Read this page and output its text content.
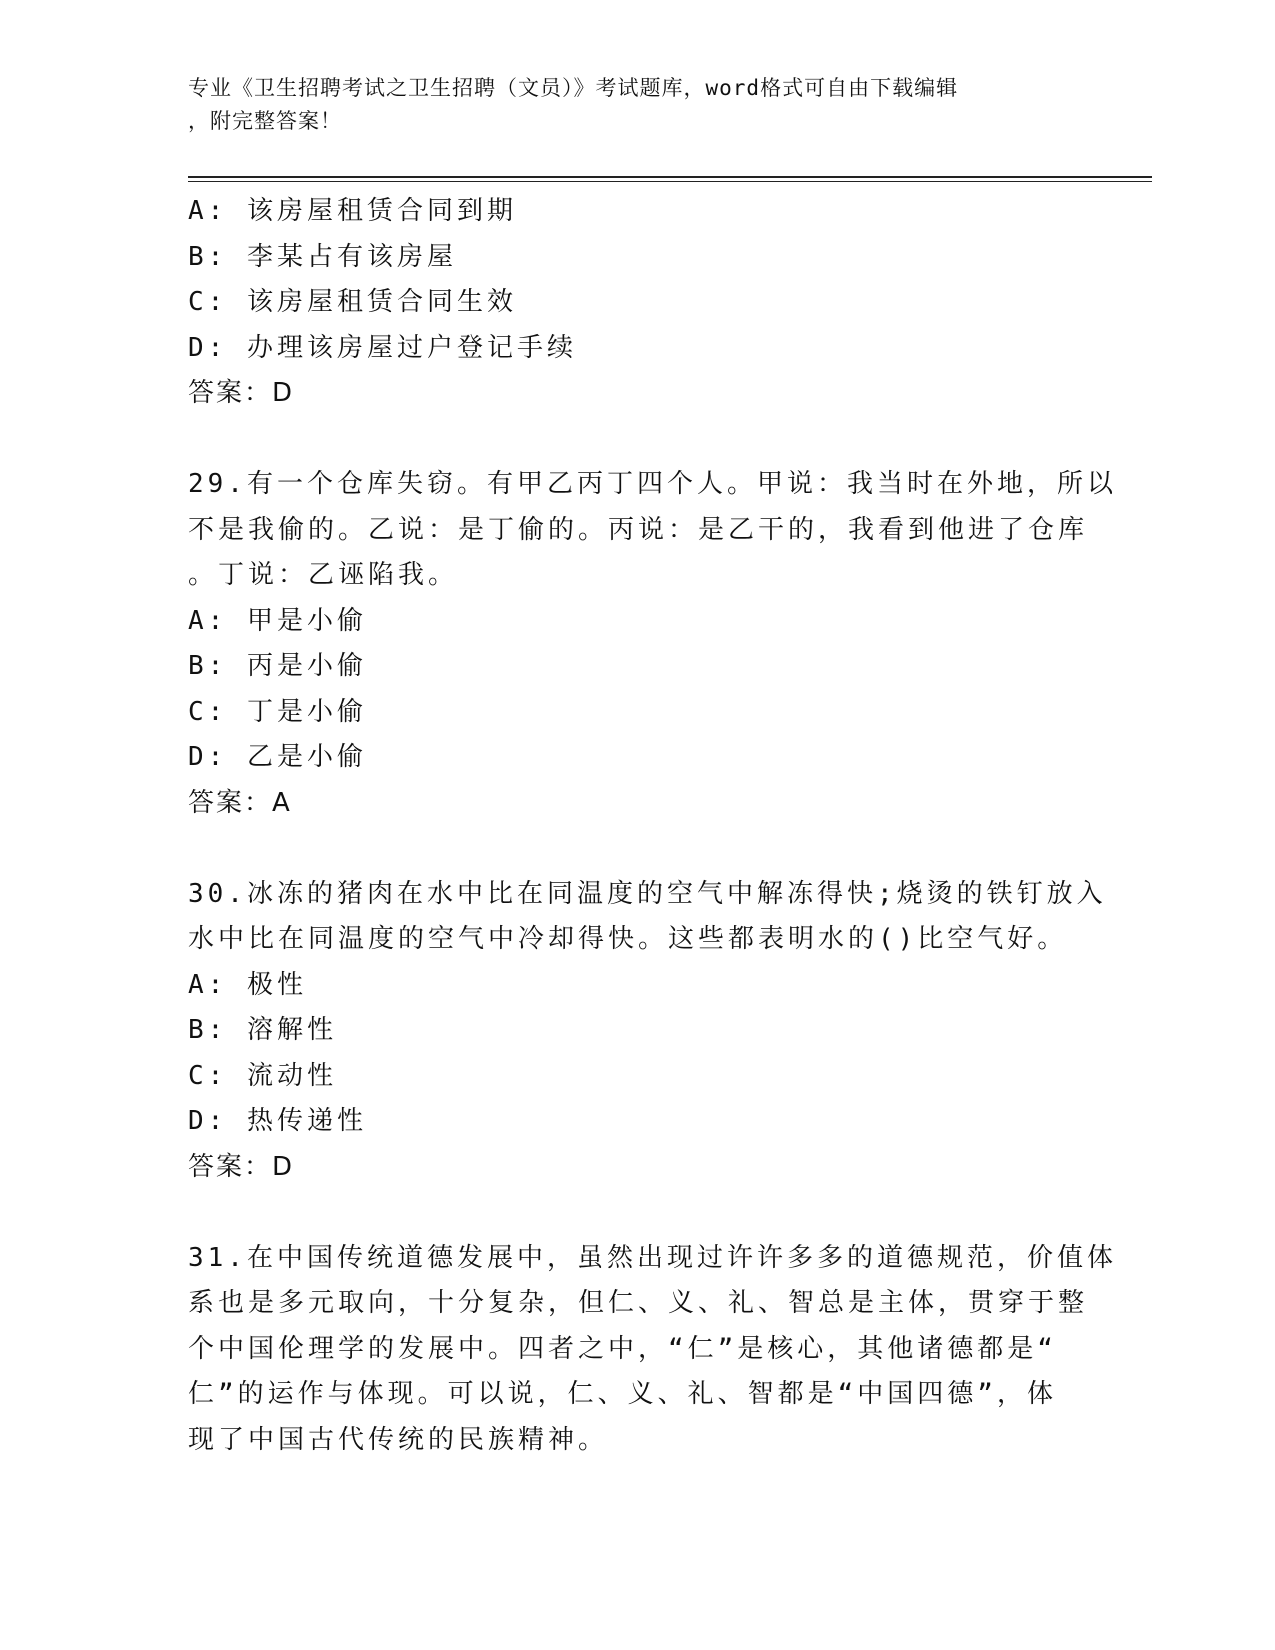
专业《卫生招聘考试之卫生招聘（文员）》考试题库，word格式可自由下载编辑
，附完整答案！
A: 该房屋租赁合同到期
B: 李某占有该房屋
C: 该房屋租赁合同生效
D: 办理该房屋过户登记手续
答案：D
29.有一个仓库失窃。有甲乙丙丁四个人。甲说：我当时在外地，所以
不是我偷的。乙说：是丁偷的。丙说：是乙干的，我看到他进了仓库
。丁说：乙诬陷我。
A: 甲是小偷
B: 丙是小偷
C: 丁是小偷
D: 乙是小偷
答案：A
30.冰冻的猪肉在水中比在同温度的空气中解冻得快;烧烫的铁钉放入
水中比在同温度的空气中冷却得快。这些都表明水的()比空气好。
A: 极性
B: 溶解性
C: 流动性
D: 热传递性
答案：D
31.在中国传统道德发展中，虽然出现过许许多多的道德规范，价值体
系也是多元取向，十分复杂，但仁、义、礼、智总是主体，贯穿于整
个中国伦理学的发展中。四者之中，“仁”是核心，其他诸德都是“
仁”的运作与体现。可以说，仁、义、礼、智都是“中国四德”，体
现了中国古代传统的民族精神。
